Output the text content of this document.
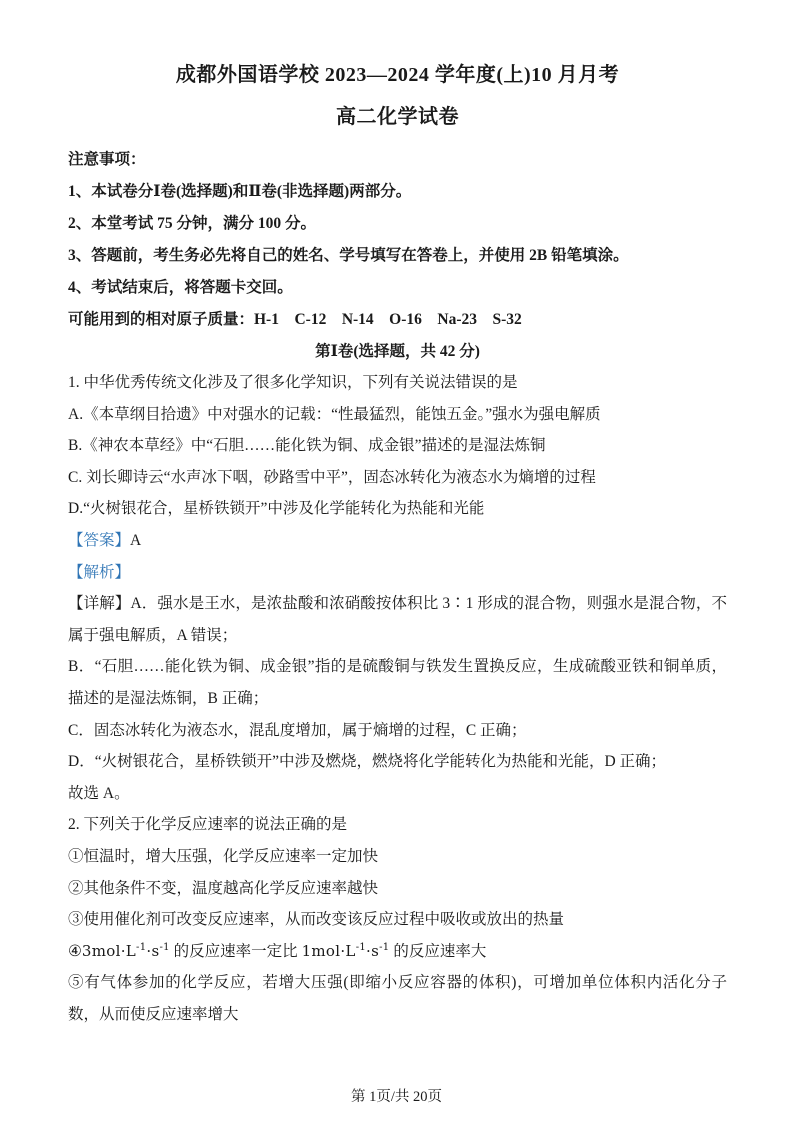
成都外国语学校 2023—2024 学年度(上)10 月月考
高二化学试卷
注意事项：
1、本试卷分Ⅰ卷(选择题)和Ⅱ卷(非选择题)两部分。
2、本堂考试 75 分钟，满分 100 分。
3、答题前，考生务必先将自己的姓名、学号填写在答卷上，并使用 2B 铅笔填涂。
4、考试结束后，将答题卡交回。
可能用到的相对原子质量：H-1　C-12　N-14　O-16　Na-23　S-32
第Ⅰ卷(选择题，共 42 分)
1. 中华优秀传统文化涉及了很多化学知识，下列有关说法错误的是
A.《本草纲目拾遗》中对强水的记载：“性最猛烈，能蚀五金。”强水为强电解质
B.《神农本草经》中“石胆……能化铁为铜、成金银”描述的是湿法炼铜
C. 刘长卿诗云“水声冰下咽，砂路雪中平”，固态冰转化为液态水为熵增的过程
D.“火树银花合，星桥铁锁开”中涉及化学能转化为热能和光能
【答案】A
【解析】
【详解】A．强水是王水，是浓盐酸和浓硝酸按体积比 3∶1 形成的混合物，则强水是混合物，不属于强电解质，A 错误；
B．“石胆……能化铁为铜、成金银”指的是硫酸铜与铁发生置换反应，生成硫酸亚铁和铜单质，描述的是湿法炼铜，B 正确；
C．固态冰转化为液态水，混乱度增加，属于熵增的过程，C 正确；
D．“火树银花合，星桥铁锁开”中涉及燃烧，燃烧将化学能转化为热能和光能，D 正确；
故选 A。
2. 下列关于化学反应速率的说法正确的是
①恒温时，增大压强，化学反应速率一定加快
②其他条件不变，温度越高化学反应速率越快
③使用催化剂可改变反应速率，从而改变该反应过程中吸收或放出的热量
$④3mol\cdot L^{-1}\cdot s^{-1}$ 的反应速率一定比 $1mol\cdot L^{-1}\cdot s^{-1}$ 的反应速率大
⑤有气体参加的化学反应，若增大压强(即缩小反应容器的体积)，可增加单位体积内活化分子数，从而使反应速率增大
第 1页/共 20页
